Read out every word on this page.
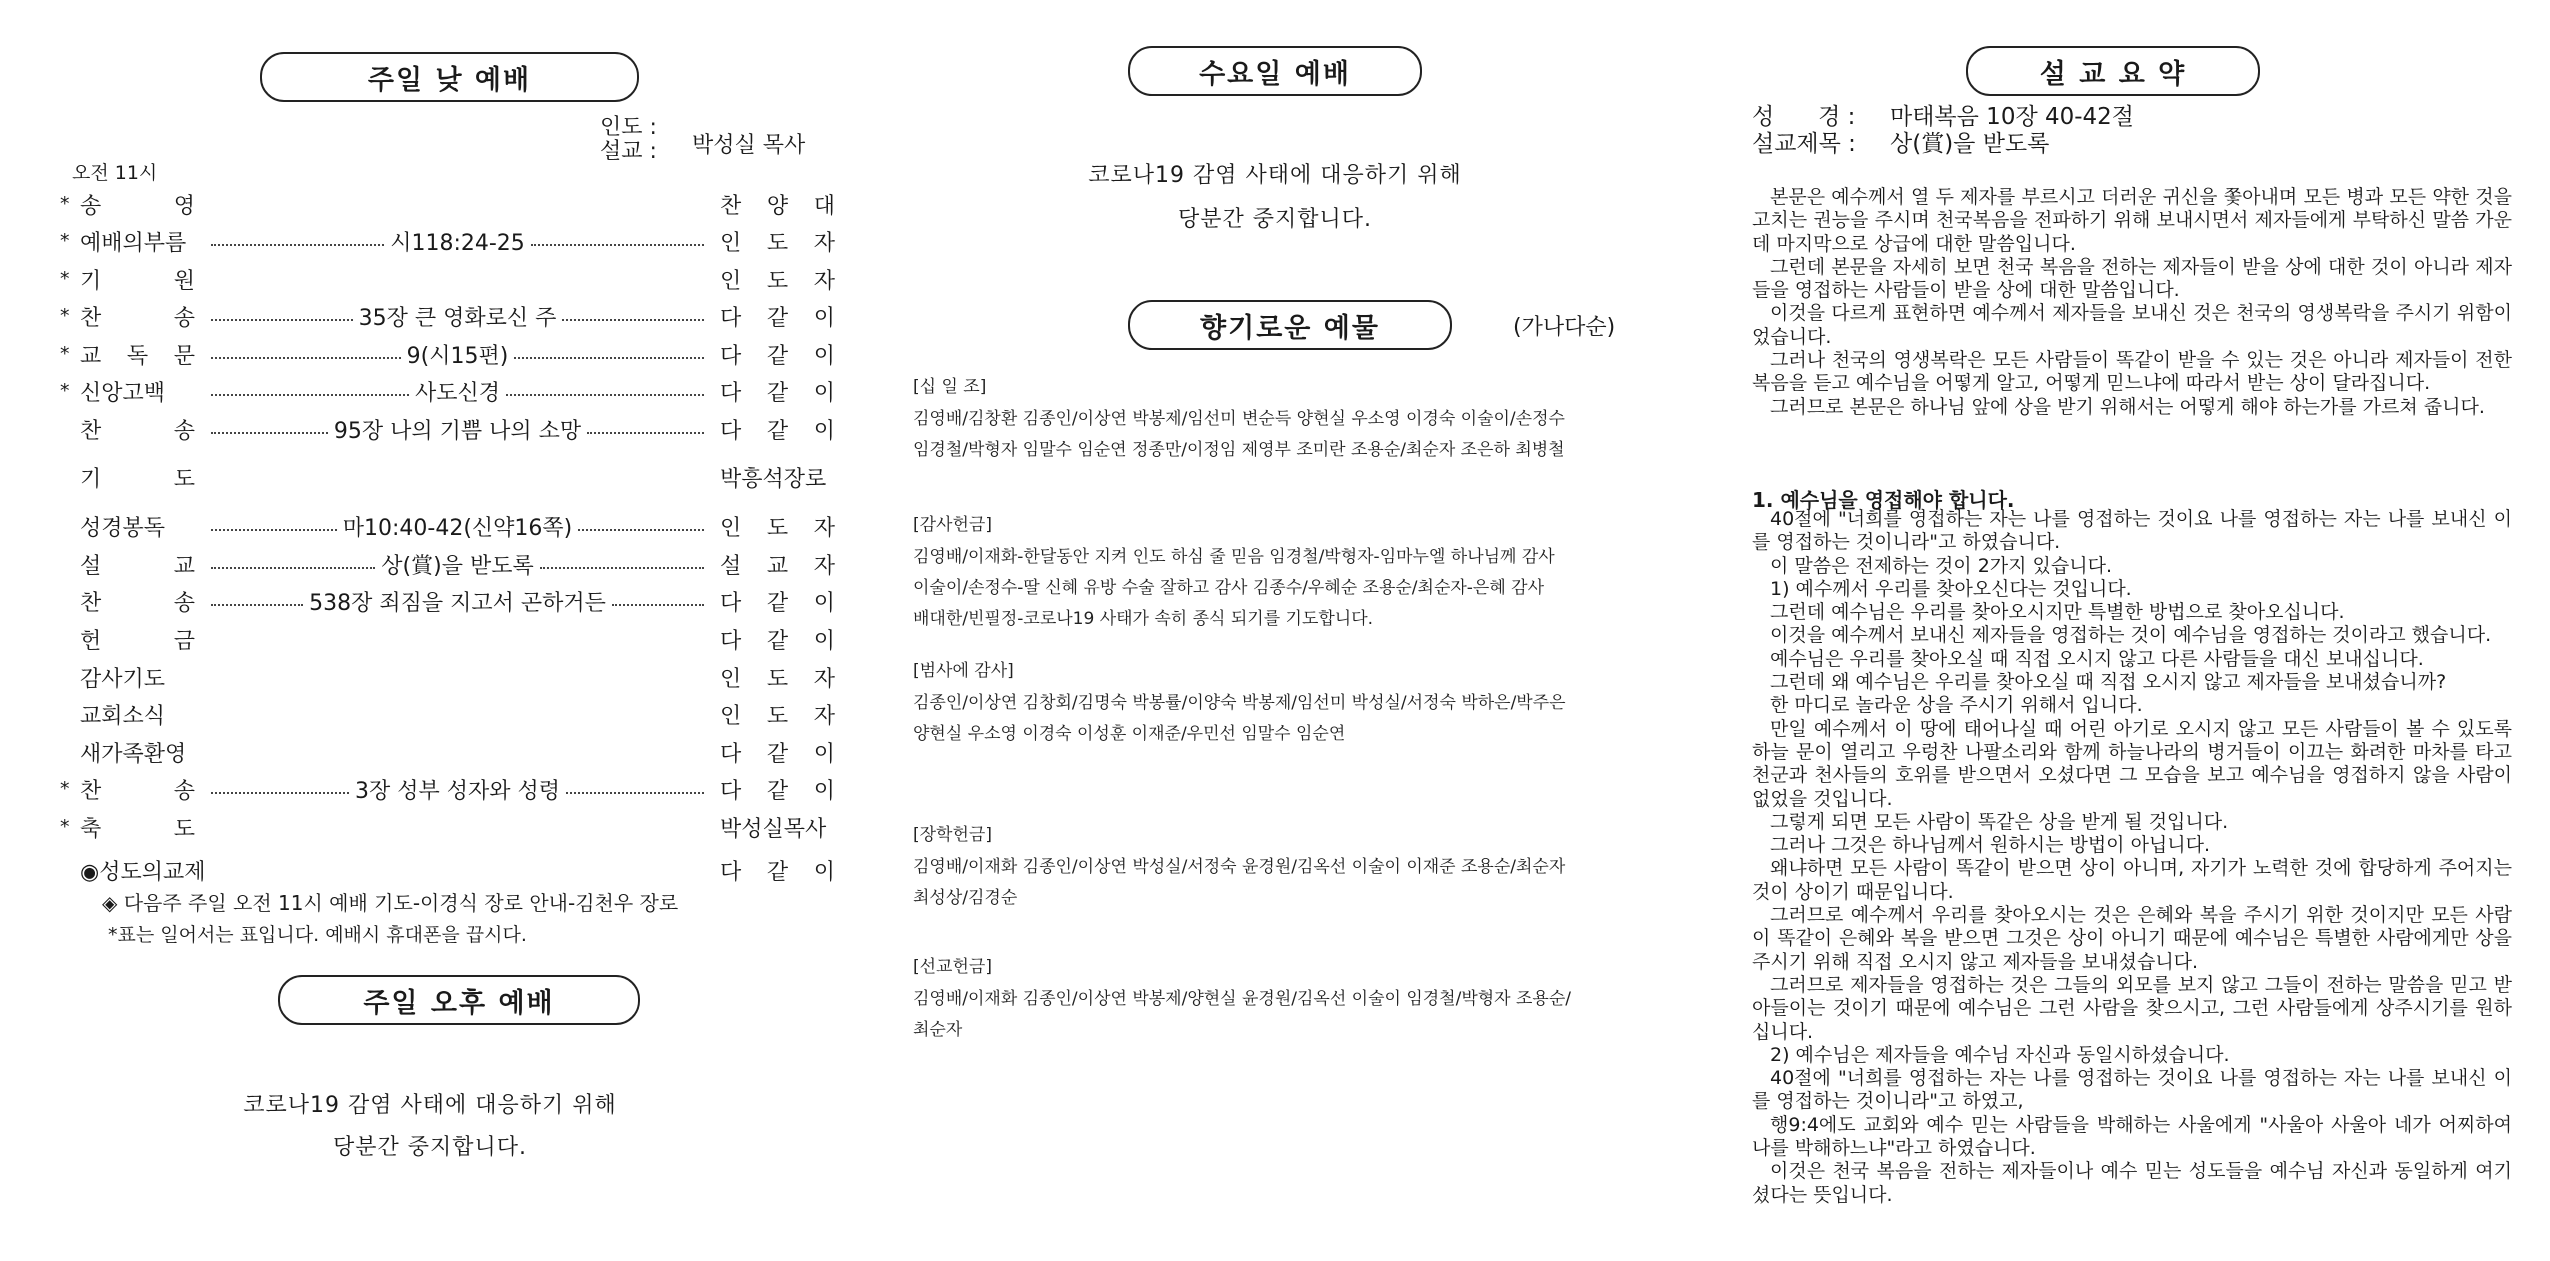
주일 낮 예배
인도 :
설교 : 박성실 목사
오전 11시
* 송	영	찬 양 대
* 예배의부름	시118:24-25	인 도 자
* 기	원	인 도 자
* 찬	송	35장 큰 영화로신 주	다 같 이
* 교 독 문	9(시15편)	다 같 이
* 신앙고백	사도신경	다 같 이
찬	송	95장 나의 기쁨 나의 소망	다 같 이
기	도	박흥석장로
성경봉독	마10:40-42(신약16쪽)	인 도 자
설	교	상(賞)을 받도록	설 교 자
찬	송	538장 죄짐을 지고서 곤하거든	다 같 이
헌	금	다 같 이
감사기도	인 도 자
교회소식	인 도 자
새가족환영	다 같 이
* 찬	송	3장 성부 성자와 성령	다 같 이
* 축	도	박성실목사
◉성도의교제	다 같 이
◈ 다음주 주일 오전 11시 예배 기도-이경식 장로 안내-김천우 장로
*표는 일어서는 표입니다. 예배시 휴대폰을 끕시다.
주일 오후 예배
코로나19 감염 사태에 대응하기 위해
당분간 중지합니다.
수요일 예배
코로나19 감염 사태에 대응하기 위해
당분간 중지합니다.
향기로운 예물	(가나다순)
[십 일 조]
김영배/김창환 김종인/이상연 박봉제/임선미 변순득 양현실 우소영 이경숙 이술이/손정수
임경철/박형자 임말수 임순연 정종만/이정임 제영부 조미란 조용순/최순자 조은하 최병철
[감사헌금]
김영배/이재화-한달동안 지켜 인도 하심 줄 믿음 임경철/박형자-임마누엘 하나님께 감사
이술이/손정수-딸 신혜 유방 수술 잘하고 감사 김종수/우혜순 조용순/최순자-은혜 감사
배대한/빈필정-코로나19 사태가 속히 종식 되기를 기도합니다.
[범사에 감사]
김종인/이상연 김창회/김명숙 박봉률/이양숙 박봉제/임선미 박성실/서정숙 박하은/박주은
양현실 우소영 이경숙 이성훈 이재준/우민선 임말수 임순연
[장학헌금]
김영배/이재화 김종인/이상연 박성실/서정숙 윤경원/김옥선 이술이 이재준 조용순/최순자
최성상/김경순
[선교헌금]
김영배/이재화 김종인/이상연 박봉제/양현실 윤경원/김옥선 이술이 임경철/박형자 조용순/
최순자
설 교 요 약
성      경 : 마태복음 10장 40-42절
설교제목 : 상(賞)을 받도록

본문은 예수께서 열 두 제자를 부르시고 더러운 귀신을 쫓아내며 모든 병과 모든 약한 것을 고치는 권능을 주시며 천국복음을 전파하기 위해 보내시면서 제자들에게 부탁하신 말씀 가운데 마지막으로 상급에 대한 말씀입니다.

그런데 본문을 자세히 보면 천국 복음을 전하는 제자들이 받을 상에 대한 것이 아니라 제자들을 영접하는 사람들이 받을 상에 대한 말씀입니다.

이것을 다르게 표현하면 예수께서 제자들을 보내신 것은 천국의 영생복락을 주시기 위함이었습니다.

그러나 천국의 영생복락은 모든 사람들이 똑같이 받을 수 있는 것은 아니라 제자들이 전한 복음을 듣고 예수님을 어떻게 알고, 어떻게 믿느냐에 따라서 받는 상이 달라집니다.

그러므로 본문은 하나님 앞에 상을 받기 위해서는 어떻게 해야 하는가를 가르쳐 줍니다.

1. 예수님을 영접해야 합니다.

40절에 "너희를 영접하는 자는 나를 영접하는 것이요 나를 영접하는 자는 나를 보내신 이를 영접하는 것이니라"고 하였습니다.

이 말씀은 전제하는 것이 2가지 있습니다.

1) 예수께서 우리를 찾아오신다는 것입니다.

그런데 예수님은 우리를 찾아오시지만 특별한 방법으로 찾아오십니다.

이것을 예수께서 보내신 제자들을 영접하는 것이 예수님을 영접하는 것이라고 했습니다.

예수님은 우리를 찾아오실 때 직접 오시지 않고 다른 사람들을 대신 보내십니다.

그런데 왜 예수님은 우리를 찾아오실 때 직접 오시지 않고 제자들을 보내셨습니까?

한 마디로 놀라운 상을 주시기 위해서 입니다.

만일 예수께서 이 땅에 태어나실 때 어린 아기로 오시지 않고 모든 사람들이 볼 수 있도록 하늘 문이 열리고 우렁찬 나팔소리와 함께 하늘나라의 병거들이 이끄는 화려한 마차를 타고 천군과 천사들의 호위를 받으면서 오셨다면 그 모습을 보고 예수님을 영접하지 않을 사람이 없었을 것입니다.

그렇게 되면 모든 사람이 똑같은 상을 받게 될 것입니다.

그러나 그것은 하나님께서 원하시는 방법이 아닙니다.

왜냐하면 모든 사람이 똑같이 받으면 상이 아니며, 자기가 노력한 것에 합당하게 주어지는 것이 상이기 때문입니다.

그러므로 예수께서 우리를 찾아오시는 것은 은혜와 복을 주시기 위한 것이지만 모든 사람이 똑같이 은혜와 복을 받으면 그것은 상이 아니기 때문에 예수님은 특별한 사람에게만 상을 주시기 위해 직접 오시지 않고 제자들을 보내셨습니다.

그러므로 제자들을 영접하는 것은 그들의 외모를 보지 않고 그들이 전하는 말씀을 믿고 받아들이는 것이기 때문에 예수님은 그런 사람을 찾으시고, 그런 사람들에게 상주시기를 원하십니다.

2) 예수님은 제자들을 예수님 자신과 동일시하셨습니다.

40절에 "너희를 영접하는 자는 나를 영접하는 것이요 나를 영접하는 자는 나를 보내신 이를 영접하는 것이니라"고 하였고,

행9:4에도 교회와 예수 믿는 사람들을 박해하는 사울에게 "사울아 사울아 네가 어찌하여 나를 박해하느냐"라고 하였습니다.

이것은 천국 복음을 전하는 제자들이나 예수 믿는 성도들을 예수님 자신과 동일하게 여기셨다는 뜻입니다.
